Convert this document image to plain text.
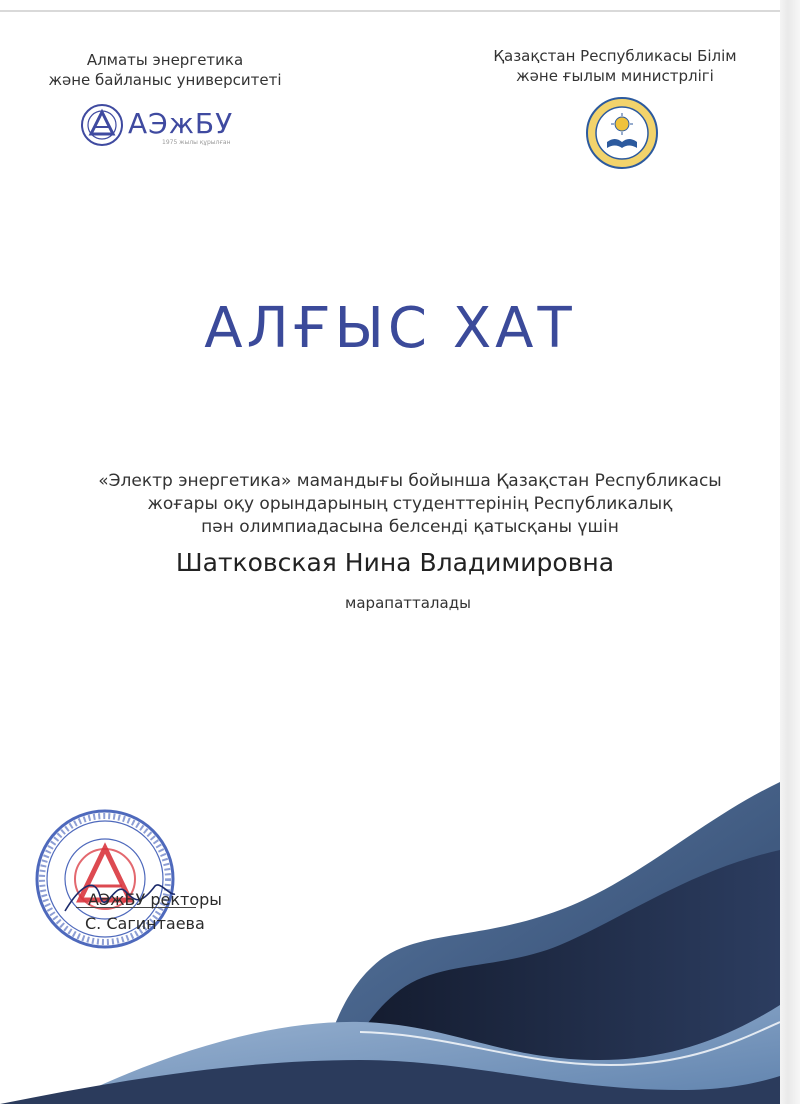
Алматы энергетика
және байланыс университеті
Қазақстан Республикасы Білім
және ғылым министрлігі
АЭжБУ
1975 жылы құрылған
АЛҒЫС ХАТ
«Электр энергетика» мамандығы бойынша Қазақстан Республикасы
жоғары оқу орындарының студенттерінің Республикалық
пән олимпиадасына белсенді қатысқаны үшін
Шатковская Нина Владимировна
марапатталады
АЭжБУ ректоры
С. Сагинтаева
